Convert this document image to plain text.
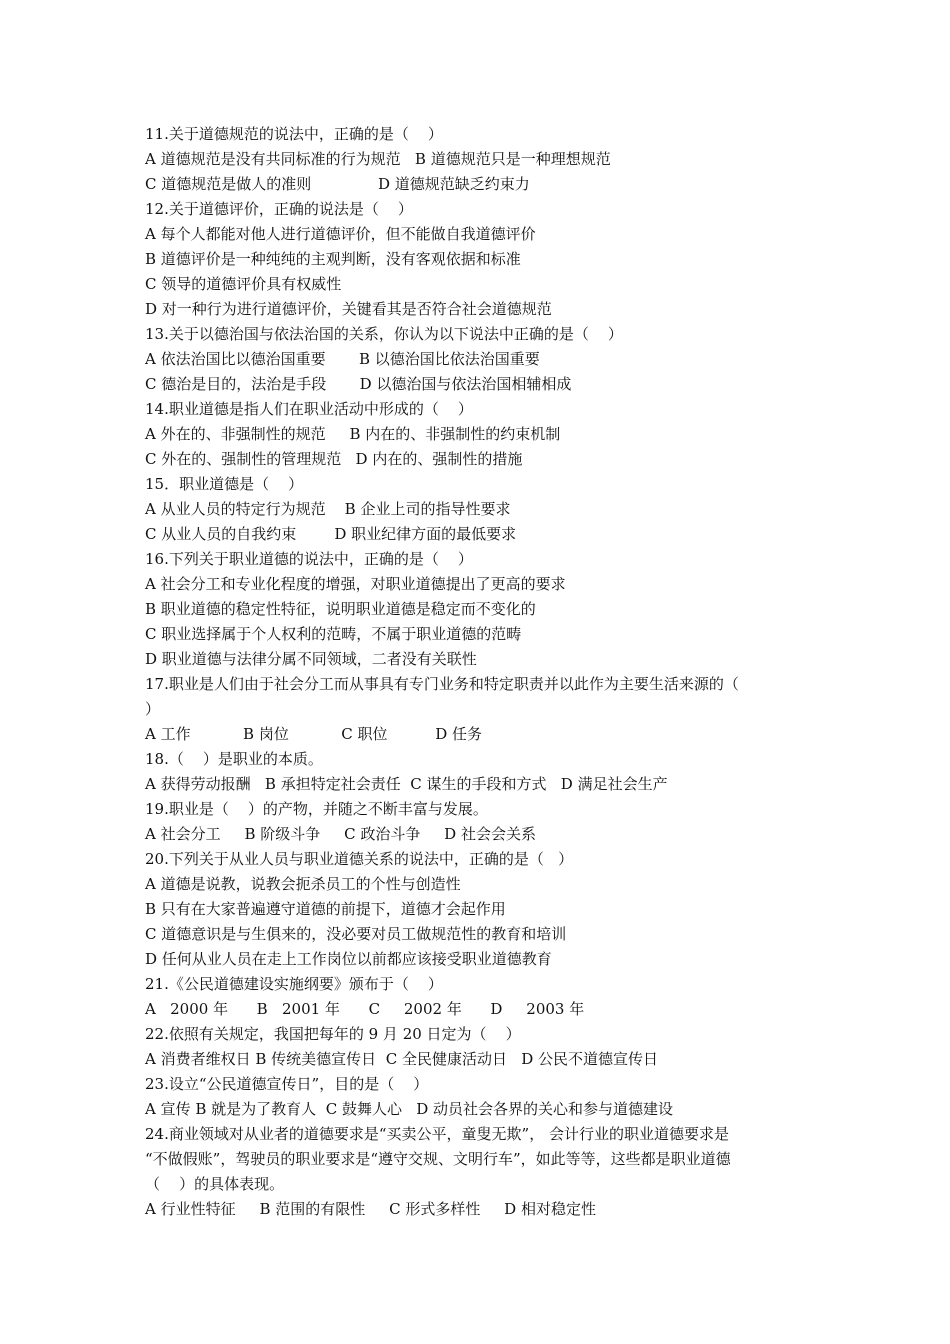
11.关于道德规范的说法中，正确的是（    ）
A 道德规范是没有共同标准的行为规范   B 道德规范只是一种理想规范
C 道德规范是做人的准则              D 道德规范缺乏约束力
12.关于道德评价，正确的说法是（    ）
A 每个人都能对他人进行道德评价，但不能做自我道德评价
B 道德评价是一种纯纯的主观判断，没有客观依据和标准
C 领导的道德评价具有权威性
D 对一种行为进行道德评价，关键看其是否符合社会道德规范
13.关于以德治国与依法治国的关系，你认为以下说法中正确的是（    ）
A 依法治国比以德治国重要       B 以德治国比依法治国重要
C 德治是目的，法治是手段       D 以德治国与依法治国相辅相成
14.职业道德是指人们在职业活动中形成的（    ）
A 外在的、非强制性的规范     B 内在的、非强制性的约束机制
C 外在的、强制性的管理规范   D 内在的、强制性的措施
15．职业道德是（    ）
A 从业人员的特定行为规范    B 企业上司的指导性要求
C 从业人员的自我约束        D 职业纪律方面的最低要求
16.下列关于职业道德的说法中，正确的是（    ）
A 社会分工和专业化程度的增强，对职业道德提出了更高的要求
B 职业道德的稳定性特征，说明职业道德是稳定而不变化的
C 职业选择属于个人权利的范畴，不属于职业道德的范畴
D 职业道德与法律分属不同领域，二者没有关联性
17.职业是人们由于社会分工而从事具有专门业务和特定职责并以此作为主要生活来源的（
）
A 工作           B 岗位           C 职位          D 任务
18.（    ）是职业的本质。
A 获得劳动报酬   B 承担特定社会责任  C 谋生的手段和方式   D 满足社会生产
19.职业是（    ）的产物，并随之不断丰富与发展。
A 社会分工     B 阶级斗争     C 政治斗争     D 社会会关系
20.下列关于从业人员与职业道德关系的说法中，正确的是（   ）
A 道德是说教，说教会扼杀员工的个性与创造性
B 只有在大家普遍遵守道德的前提下，道德才会起作用
C 道德意识是与生俱来的，没必要对员工做规范性的教育和培训
D 任何从业人员在走上工作岗位以前都应该接受职业道德教育
21.《公民道德建设实施纲要》颁布于（    ）
A   2000 年      B   2001 年      C     2002 年      D     2003 年
22.依照有关规定，我国把每年的 9 月 20 日定为（    ）
A 消费者维权日 B 传统美德宣传日  C 全民健康活动日   D 公民不道德宣传日
23.设立“公民道德宣传日”，目的是（    ）
A 宣传 B 就是为了教育人  C 鼓舞人心   D 动员社会各界的关心和参与道德建设
24.商业领域对从业者的道德要求是“买卖公平，童叟无欺”， 会计行业的职业道德要求是
“不做假账”，驾驶员的职业要求是“遵守交规、文明行车”，如此等等，这些都是职业道德
（    ）的具体表现。
A 行业性特征     B 范围的有限性     C 形式多样性     D 相对稳定性
